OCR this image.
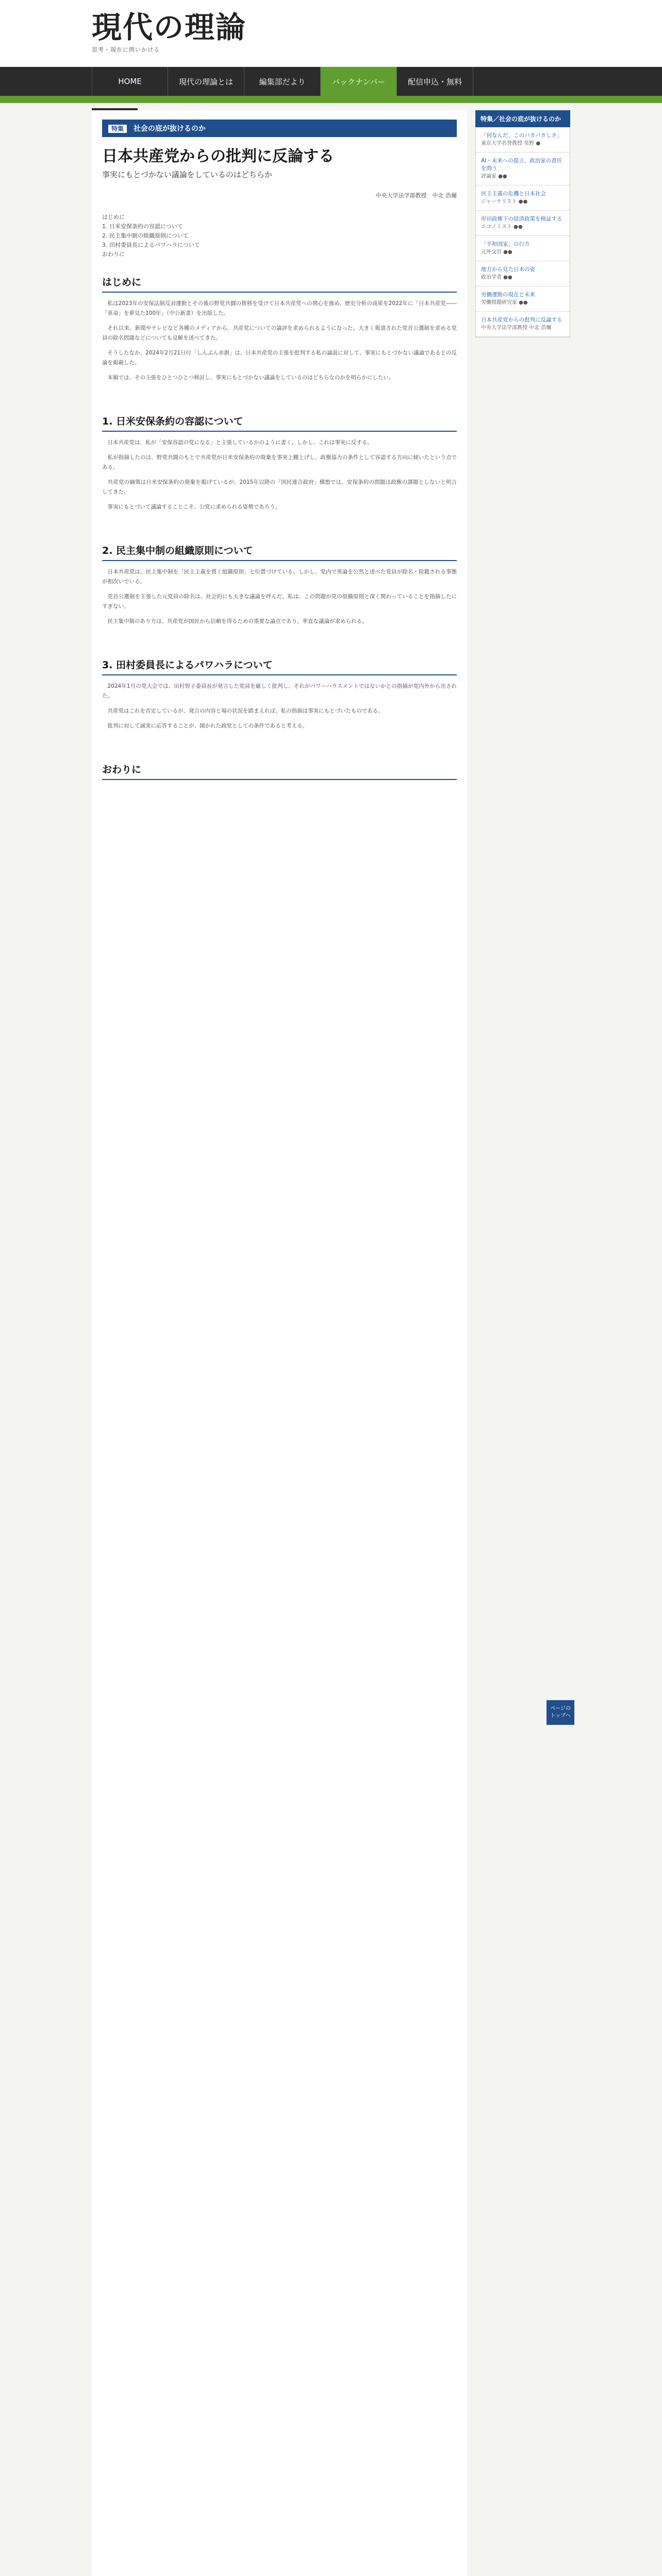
現代の理論
思考・現在に問いかける
HOME	現代の理論とは	編集部だより	バックナンバー	配信申込・無料
特集 社会の底が抜けるのか
日本共産党からの批判に反論する
事実にもとづかない議論をしているのはどちらか
中央大学法学部教授　中北 浩爾
はじめに
1. 日米安保条約の容認について
2. 民主集中制の組織原則について
3. 田村委員長によるパワハラについて
おわりに
はじめに

私は2023年の安保法制反対運動とその後の野党共闘の推移を受けて日本共産党への関心を強め、歴史分析の成果を2022年に「日本共産党――「革命」を夢見た100年」（中公新書）を出版した。

それ以来、新聞やテレビなど各種のメディアから、共産党についての論評を求められるようになった。大きく報道された党首公選制を求める党員の除名問題などについても見解を述べてきた。

そうしたなか、2024年2月21日付「しんぶん赤旗」は、日本共産党の主張を批判する私の論説に対して、事実にもとづかない議論であるとの反論を掲載した。

本稿では、その主張をひとつひとつ検討し、事実にもとづかない議論をしているのはどちらなのかを明らかにしたい。

1. 日米安保条約の容認について

日本共産党は、私が「安保容認の党になる」と主張しているかのように書く。しかし、これは事実に反する。

私が指摘したのは、野党共闘のもとで共産党が日米安保条約の廃棄を事実上棚上げし、政権協力の条件として容認する方向に傾いたという点である。

共産党の綱領は日米安保条約の廃棄を掲げているが、2015年以降の「国民連合政府」構想では、安保条約の問題は政権の課題としないと明言してきた。

事実にもとづいて議論することこそ、公党に求められる姿勢であろう。

2. 民主集中制の組織原則について

日本共産党は、民主集中制を「民主主義を貫く組織原則」と位置づけている。しかし、党内で異論を公然と述べた党員が除名・除籍される事態が相次いでいる。

党首公選制を主張した元党員の除名は、社会的にも大きな議論を呼んだ。私は、この問題が党の組織原則と深く関わっていることを指摘したにすぎない。

民主集中制のあり方は、共産党が国民から信頼を得るための重要な論点であり、率直な議論が求められる。

3. 田村委員長によるパワハラについて

2024年1月の党大会では、田村智子委員長が発言した党員を厳しく批判し、それがパワーハラスメントではないかとの指摘が党内外から出された。

共産党はこれを否定しているが、発言の内容と場の状況を踏まえれば、私の指摘は事実にもとづいたものである。

批判に対して誠実に応答することが、開かれた政党としての条件であると考える。

おわりに
特集／社会の底が抜けるのか
「何なんだ、このバカバカしさ」
東京大学名誉教授 星野 ●
AI・未来への提言、政治家の責任を問う
評論家 ●●
民主主義の危機と日本社会
ジャーナリスト ●●
岸田政権下の経済政策を検証する
エコノミスト ●●
「平和国家」の行方
元外交官 ●●
地方から見た日本の姿
政治学者 ●●
労働運動の現在と未来
労働問題研究家 ●●
日本共産党からの批判に反論する
中央大学法学部教授 中北 浩爾
ページの
トップへ
